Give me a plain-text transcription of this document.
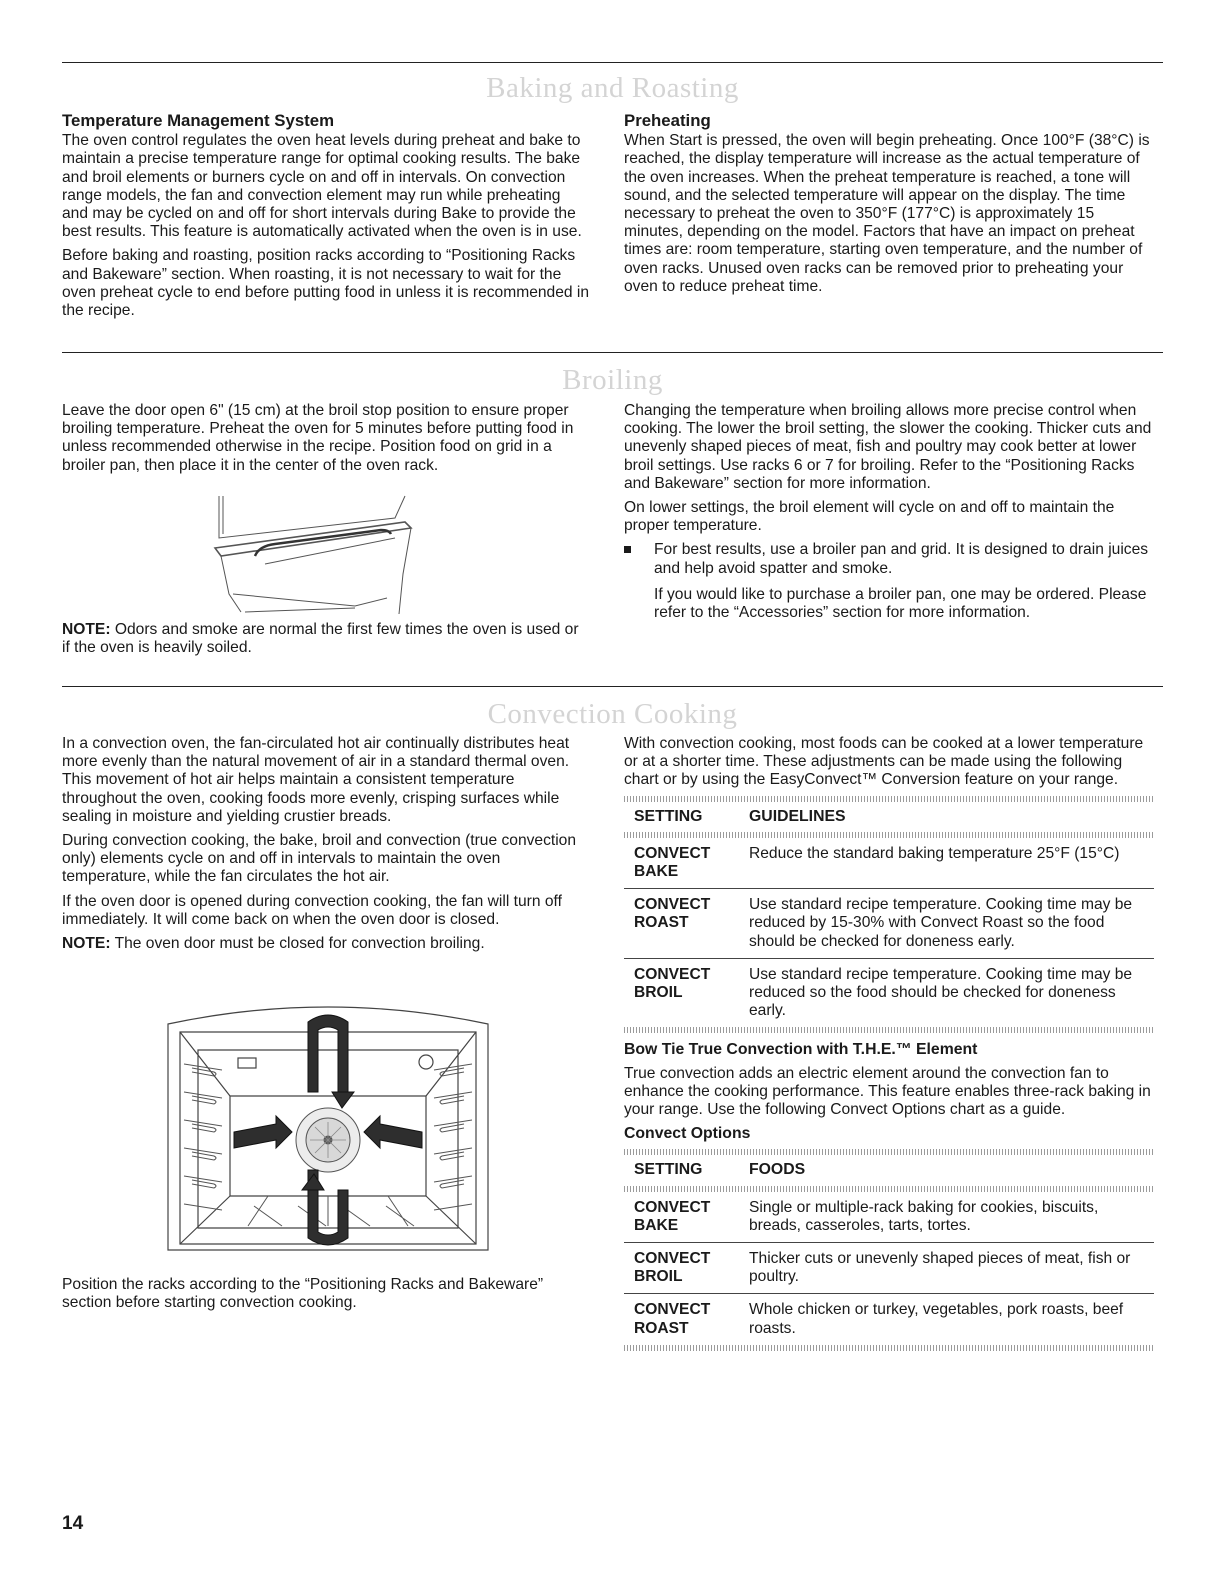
Baking and Roasting
Temperature Management System

The oven control regulates the oven heat levels during preheat and bake to maintain a precise temperature range for optimal cooking results. The bake and broil elements or burners cycle on and off in intervals. On convection range models, the fan and convection element may run while preheating and may be cycled on and off for short intervals during Bake to provide the best results. This feature is automatically activated when the oven is in use.

Before baking and roasting, position racks according to “Positioning Racks and Bakeware” section. When roasting, it is not necessary to wait for the oven preheat cycle to end before putting food in unless it is recommended in the recipe.

Preheating

When Start is pressed, the oven will begin preheating. Once 100°F (38°C) is reached, the display temperature will increase as the actual temperature of the oven increases. When the preheat temperature is reached, a tone will sound, and the selected temperature will appear on the display. The time necessary to preheat the oven to 350°F (177°C) is approximately 15 minutes, depending on the model. Factors that have an impact on preheat times are: room temperature, starting oven temperature, and the number of oven racks. Unused oven racks can be removed prior to preheating your oven to reduce preheat time.

Broiling

Leave the door open 6" (15 cm) at the broil stop position to ensure proper broiling temperature. Preheat the oven for 5 minutes before putting food in unless recommended otherwise in the recipe. Position food on grid in a broiler pan, then place it in the center of the oven rack.

NOTE: Odors and smoke are normal the first few times the oven is used or if the oven is heavily soiled.

Changing the temperature when broiling allows more precise control when cooking. The lower the broil setting, the slower the cooking. Thicker cuts and unevenly shaped pieces of meat, fish and poultry may cook better at lower broil settings. Use racks 6 or 7 for broiling. Refer to the “Positioning Racks and Bakeware” section for more information.

On lower settings, the broil element will cycle on and off to maintain the proper temperature.

For best results, use a broiler pan and grid. It is designed to drain juices and help avoid spatter and smoke.

If you would like to purchase a broiler pan, one may be ordered. Please refer to the “Accessories” section for more information.

Convection Cooking

In a convection oven, the fan-circulated hot air continually distributes heat more evenly than the natural movement of air in a standard thermal oven. This movement of hot air helps maintain a consistent temperature throughout the oven, cooking foods more evenly, crisping surfaces while sealing in moisture and yielding crustier breads.

During convection cooking, the bake, broil and convection (true convection only) elements cycle on and off in intervals to maintain the oven temperature, while the fan circulates the hot air.

If the oven door is opened during convection cooking, the fan will turn off immediately. It will come back on when the oven door is closed.

NOTE: The oven door must be closed for convection broiling.

Position the racks according to the “Positioning Racks and Bakeware” section before starting convection cooking.

With convection cooking, most foods can be cooked at a lower temperature or at a shorter time. These adjustments can be made using the following chart or by using the EasyConvect™ Conversion feature on your range.

SETTING	GUIDELINES

CONVECT BAKE	Reduce the standard baking temperature 25°F (15°C)
CONVECT ROAST	Use standard recipe temperature. Cooking time may be reduced by 15-30% with Convect Roast so the food should be checked for doneness early.
CONVECT BROIL	Use standard recipe temperature. Cooking time may be reduced so the food should be checked for doneness early.

Bow Tie True Convection with T.H.E.™ Element

True convection adds an electric element around the convection fan to enhance the cooking performance. This feature enables three-rack baking in your range. Use the following Convect Options chart as a guide.

Convect Options

SETTING	FOODS

CONVECT BAKE	Single or multiple-rack baking for cookies, biscuits, breads, casseroles, tarts, tortes.
CONVECT BROIL	Thicker cuts or unevenly shaped pieces of meat, fish or poultry.
CONVECT ROAST	Whole chicken or turkey, vegetables, pork roasts, beef roasts.

14
